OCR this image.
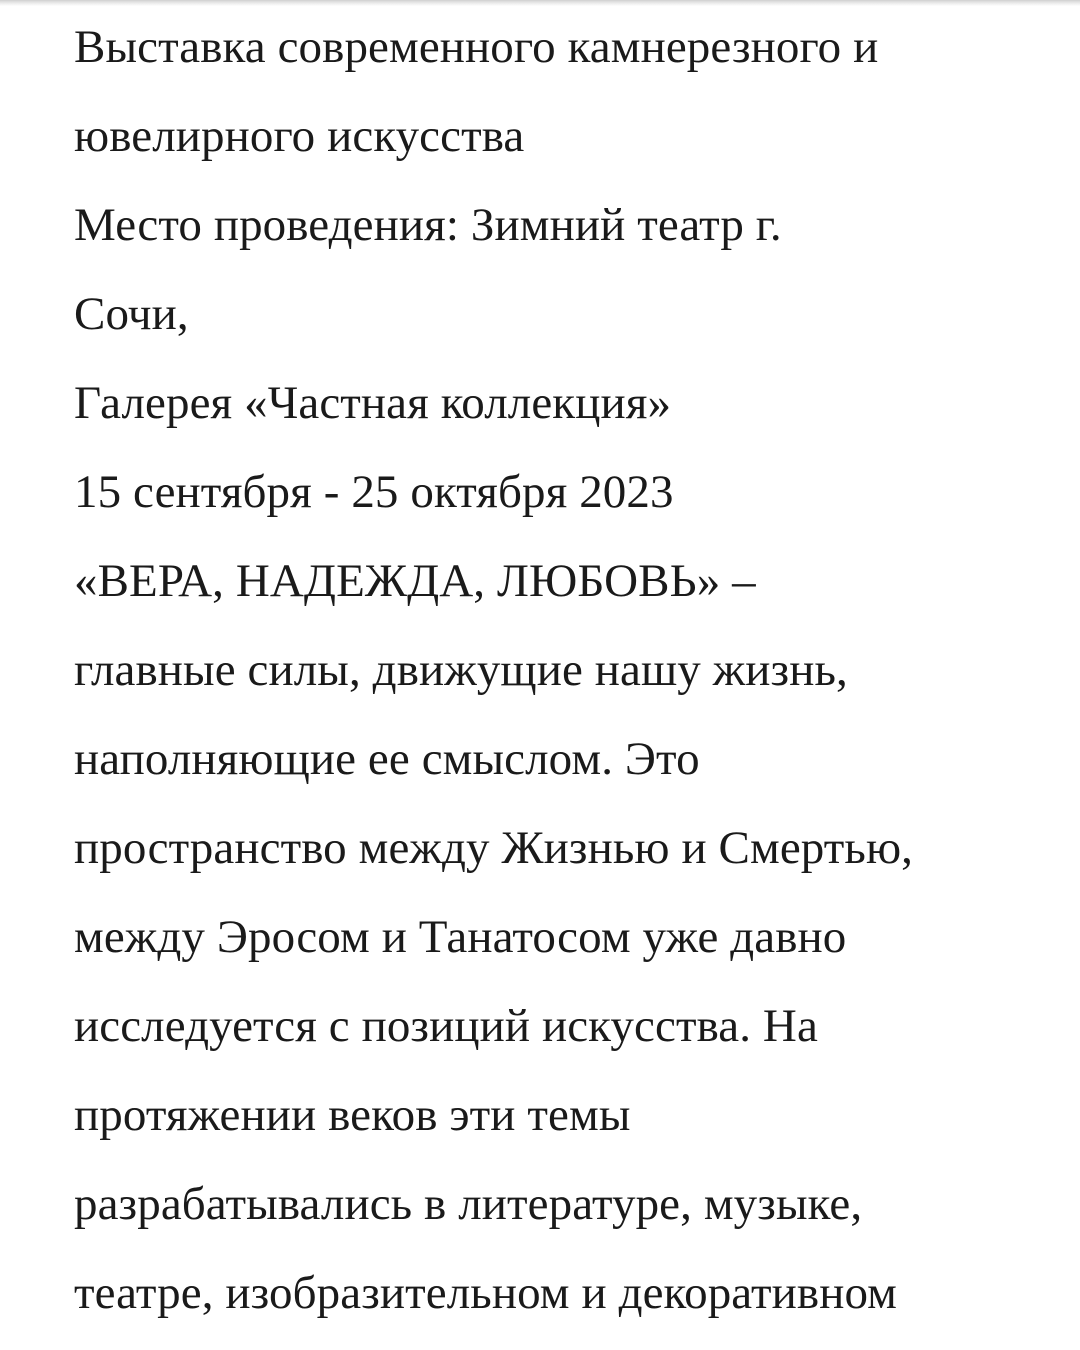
Выставка современного камнерезного и

ювелирного искусства

Место проведения: Зимний театр г.

Сочи,

Галерея «Частная коллекция»

15 сентября - 25 октября 2023

«ВЕРА, НАДЕЖДА, ЛЮБОВЬ» –

главные силы, движущие нашу жизнь,

наполняющие ее смыслом. Это

пространство между Жизнью и Смертью,

между Эросом и Танатосом уже давно

исследуется с позиций искусства. На

протяжении веков эти темы

разрабатывались в литературе, музыке,

театре, изобразительном и декоративном
